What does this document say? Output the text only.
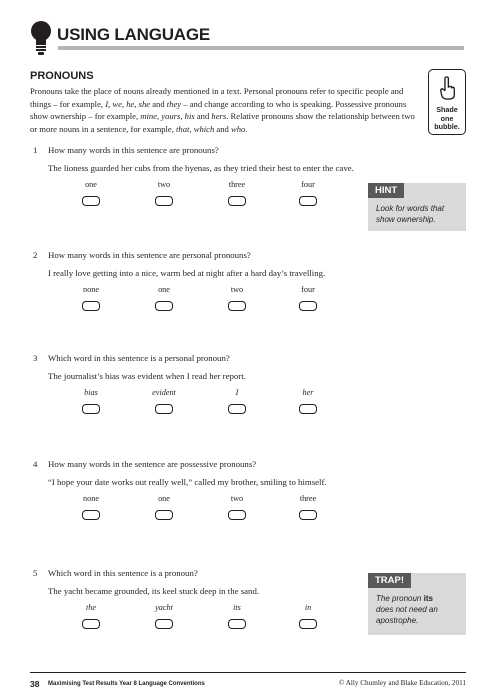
USING LANGUAGE
PRONOUNS

Pronouns take the place of nouns already mentioned in a text. Personal pronouns refer to specific people and things – for example, I, we, he, she and they – and change according to who is speaking. Possessive pronouns show ownership – for example, mine, yours, his and hers. Relative pronouns show the relationship between two or more nouns in a sentence, for example, that, which and who.

Shade
one
bubble.
1 How many words in this sentence are pronouns?
The lioness guarded her cubs from the hyenas, as they tried their best to enter the cave.
one	two	three	four
2 How many words in this sentence are personal pronouns?
I really love getting into a nice, warm bed at night after a hard day’s travelling.
none	one	two	four
3 Which word in this sentence is a personal pronoun?
The journalist’s bias was evident when I read her report.
bias	evident	I	her
4 How many words in the sentence are possessive pronouns?
“I hope your date works out really well,” called my brother, smiling to himself.
none	one	two	three
5 Which word in this sentence is a pronoun?
The yacht became grounded, its keel stuck deep in the sand.
the	yacht	its	in
HINT
Look for words that
show ownership.
TRAP!
The pronoun its
does not need an
apostrophe.
38 Maximising Test Results Year 8 Language Conventions	© Ally Chumley and Blake Education, 2011
